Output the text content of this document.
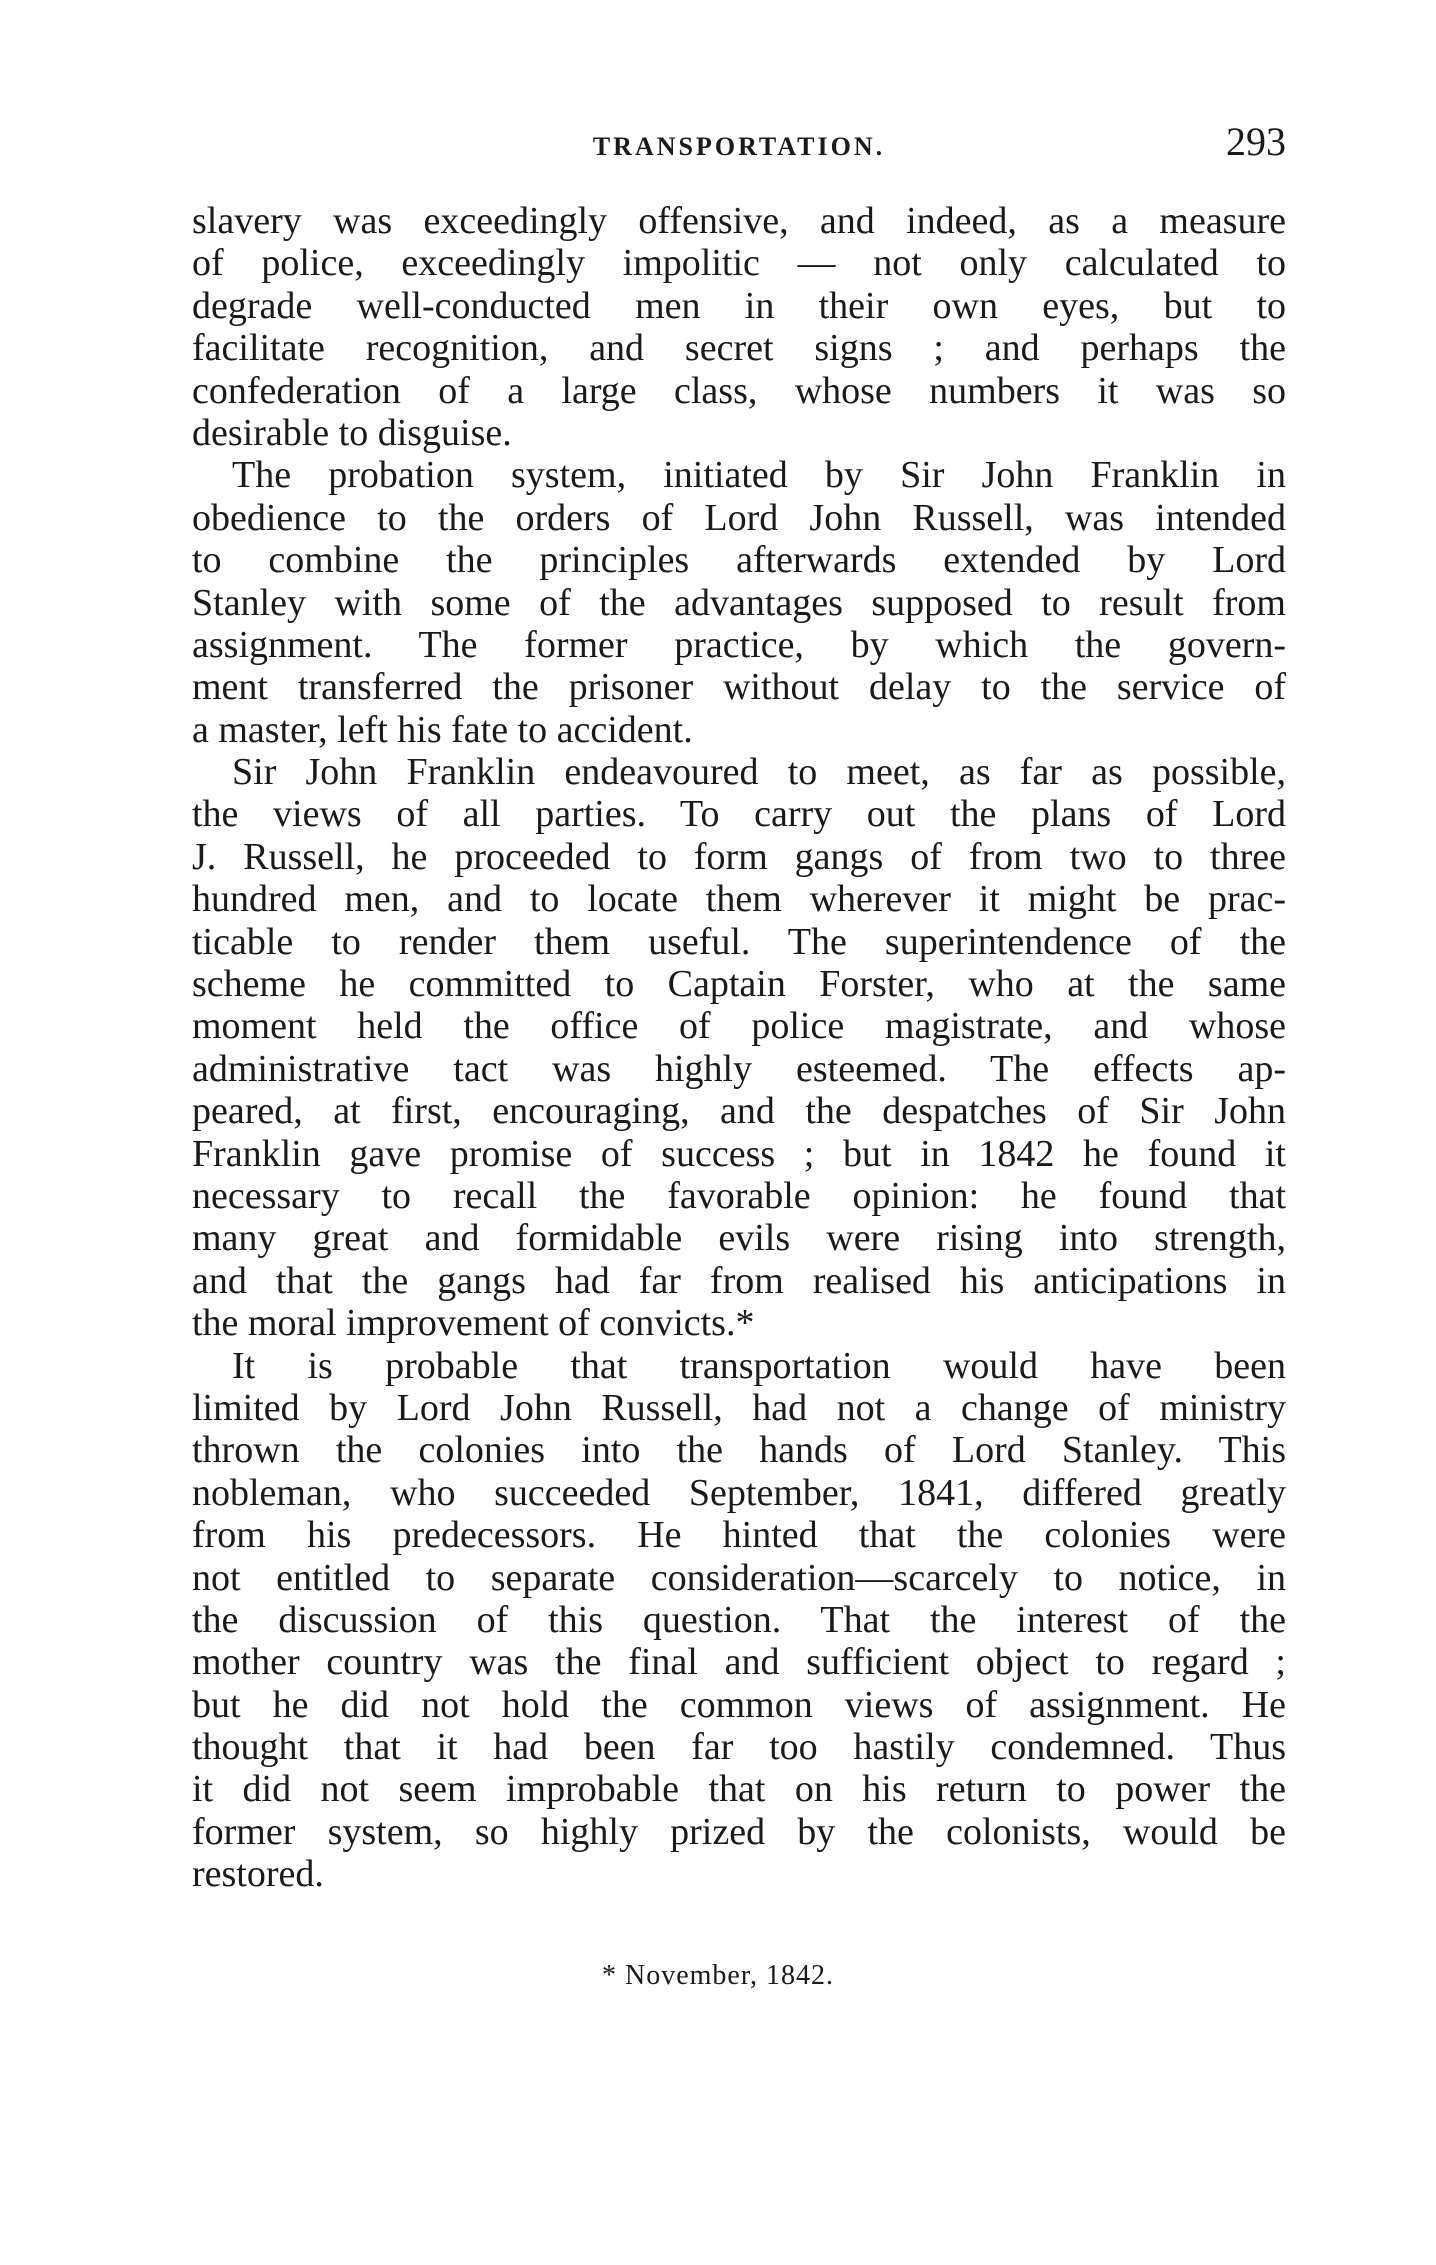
TRANSPORTATION.	293
slavery was exceedingly offensive, and indeed, as a measure
of police, exceedingly impolitic — not only calculated to
degrade well-conducted men in their own eyes, but to
facilitate recognition, and secret signs ; and perhaps the
confederation of a large class, whose numbers it was so
desirable to disguise.
The probation system, initiated by Sir John Franklin in
obedience to the orders of Lord John Russell, was intended
to combine the principles afterwards extended by Lord
Stanley with some of the advantages supposed to result from
assignment. The former practice, by which the govern-
ment transferred the prisoner without delay to the service of
a master, left his fate to accident.
Sir John Franklin endeavoured to meet, as far as possible,
the views of all parties. To carry out the plans of Lord
J. Russell, he proceeded to form gangs of from two to three
hundred men, and to locate them wherever it might be prac-
ticable to render them useful. The superintendence of the
scheme he committed to Captain Forster, who at the same
moment held the office of police magistrate, and whose
administrative tact was highly esteemed. The effects ap-
peared, at first, encouraging, and the despatches of Sir John
Franklin gave promise of success ; but in 1842 he found it
necessary to recall the favorable opinion: he found that
many great and formidable evils were rising into strength,
and that the gangs had far from realised his anticipations in
the moral improvement of convicts.*
It is probable that transportation would have been
limited by Lord John Russell, had not a change of ministry
thrown the colonies into the hands of Lord Stanley. This
nobleman, who succeeded September, 1841, differed greatly
from his predecessors. He hinted that the colonies were
not entitled to separate consideration—scarcely to notice, in
the discussion of this question. That the interest of the
mother country was the final and sufficient object to regard ;
but he did not hold the common views of assignment. He
thought that it had been far too hastily condemned. Thus
it did not seem improbable that on his return to power the
former system, so highly prized by the colonists, would be
restored.
* November, 1842.
